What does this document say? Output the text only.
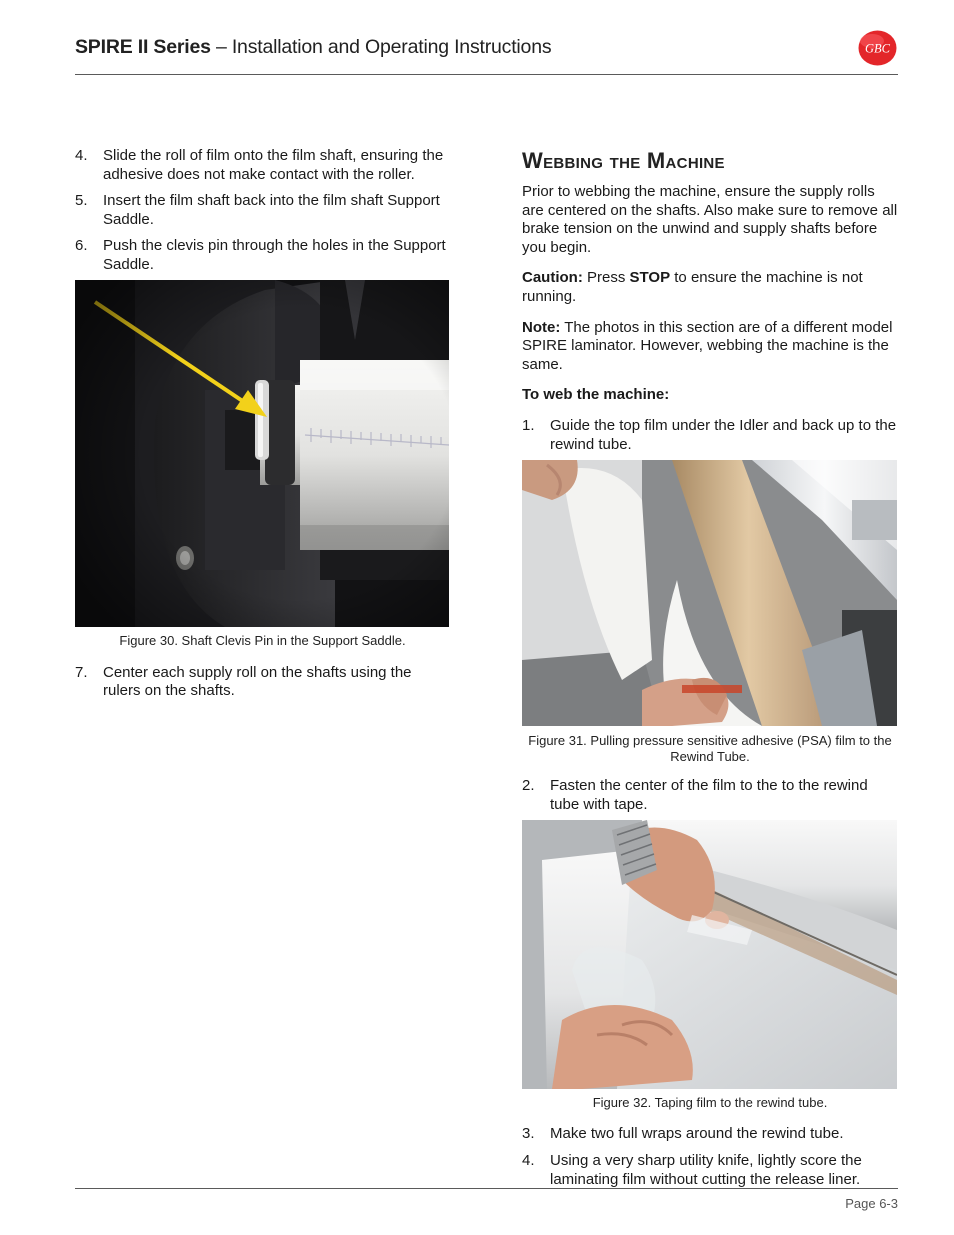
SPIRE II Series – Installation and Operating Instructions	GBC
4. Slide the roll of film onto the film shaft, ensuring the adhesive does not make contact with the roller.
5. Insert the film shaft back into the film shaft Support Saddle.
6. Push the clevis pin through the holes in the Support Saddle.
Figure 30. Shaft Clevis Pin in the Support Saddle.
7. Center each supply roll on the shafts using the rulers on the shafts.
Webbing the Machine
Prior to webbing the machine, ensure the supply rolls are centered on the shafts. Also make sure to remove all brake tension on the unwind and supply shafts before you begin.
Caution: Press STOP to ensure the machine is not running.
Note: The photos in this section are of a different model SPIRE laminator. However, webbing the machine is the same.
To web the machine:
1. Guide the top film under the Idler and back up to the rewind tube.
Figure 31. Pulling pressure sensitive adhesive (PSA) film to the Rewind Tube.
2. Fasten the center of the film to the to the rewind tube with tape.
Figure 32. Taping film to the rewind tube.
3. Make two full wraps around the rewind tube.
4. Using a very sharp utility knife, lightly score the laminating film without cutting the release liner.
Page 6-3
